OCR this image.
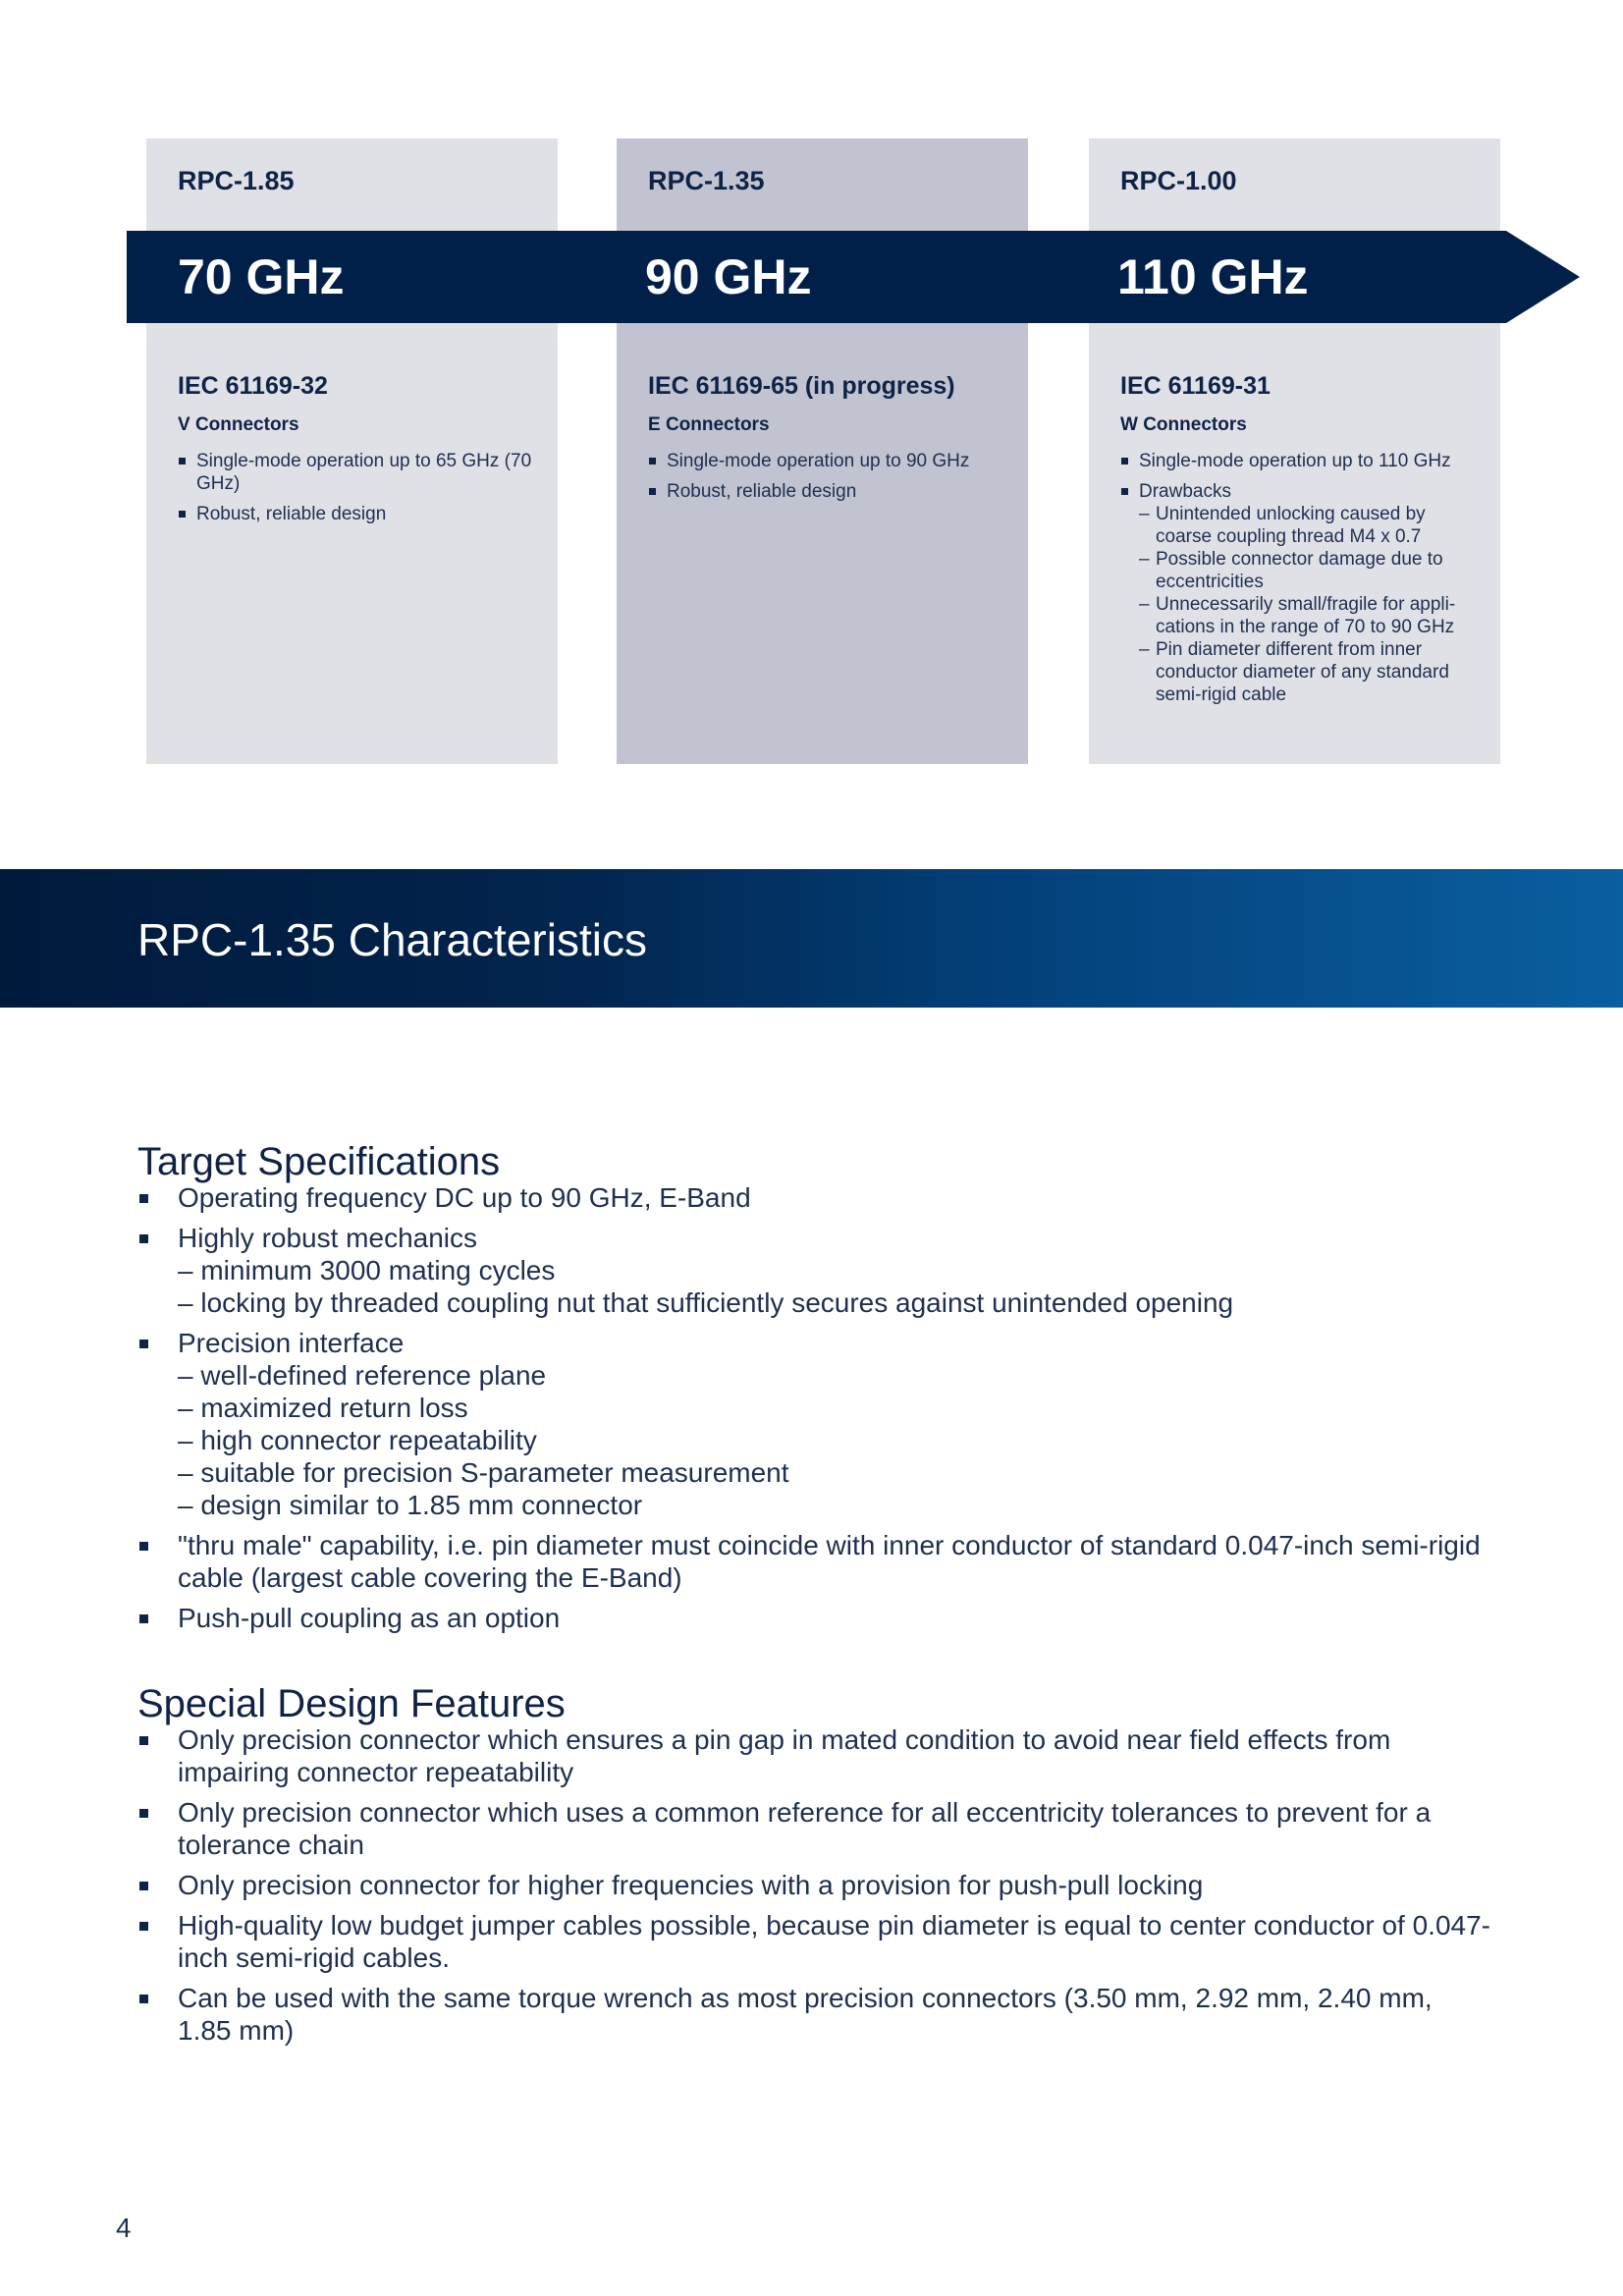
RPC-1.85
IEC 61169-32
V Connectors
Single-mode operation up to 65 GHz (70 GHz)
Robust, reliable design
RPC-1.35
IEC 61169-65 (in progress)
E Connectors
Single-mode operation up to 90 GHz
Robust, reliable design
RPC-1.00
IEC 61169-31
W Connectors
Single-mode operation up to 110 GHz
Drawbacks
– Unintended unlocking caused by coarse coupling thread M4 x 0.7
– Possible connector damage due to eccentricities
– Unnecessarily small/fragile for appli-cations in the range of 70 to 90 GHz
– Pin diameter different from inner conductor diameter of any standard semi-rigid cable
70 GHz	90 GHz	110 GHz
RPC-1.35 Characteristics
Target Specifications
Operating frequency DC up to 90 GHz, E-Band
Highly robust mechanics
– minimum 3000 mating cycles
– locking by threaded coupling nut that sufficiently secures against unintended opening
Precision interface
– well-defined reference plane
– maximized return loss
– high connector repeatability
– suitable for precision S-parameter measurement
– design similar to 1.85 mm connector
"thru male" capability, i.e. pin diameter must coincide with inner conductor of standard 0.047-inch semi-rigid cable (largest cable covering the E-Band)
Push-pull coupling as an option
Special Design Features
Only precision connector which ensures a pin gap in mated condition to avoid near field effects from impairing connector repeatability
Only precision connector which uses a common reference for all eccentricity tolerances to prevent for a tolerance chain
Only precision connector for higher frequencies with a provision for push-pull locking
High-quality low budget jumper cables possible, because pin diameter is equal to center conductor of 0.047-inch semi-rigid cables.
Can be used with the same torque wrench as most precision connectors (3.50 mm, 2.92 mm, 2.40 mm, 1.85 mm)
4
